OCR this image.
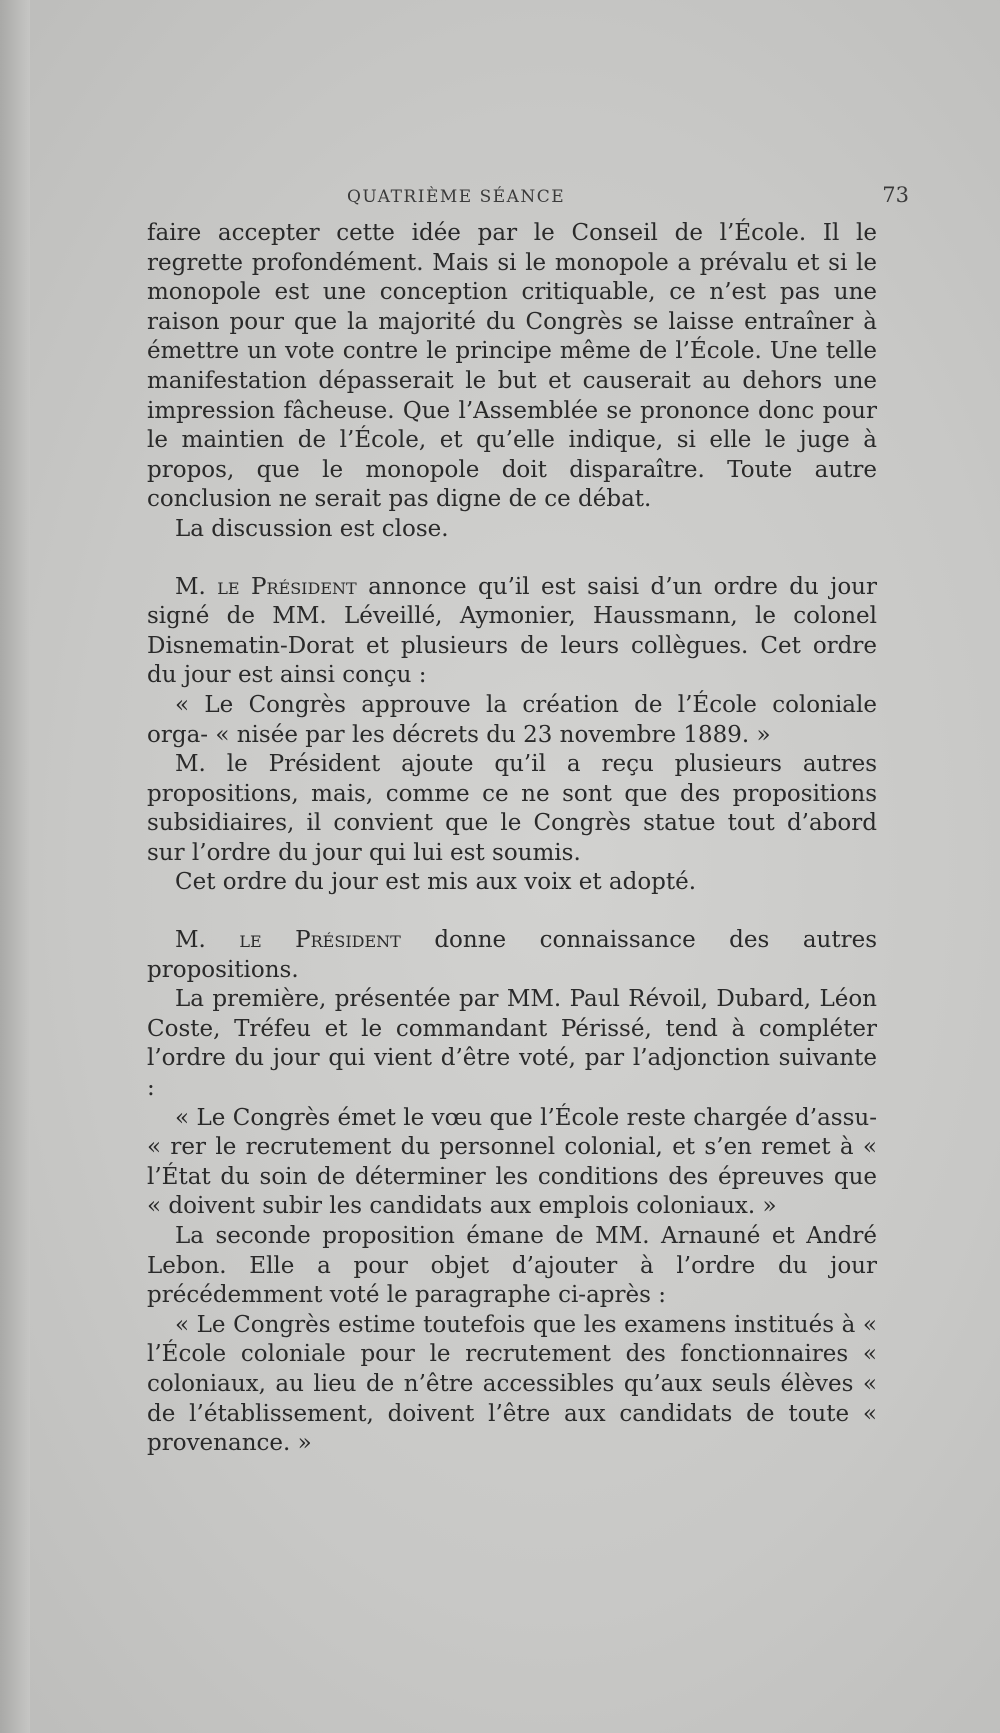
QUATRIÈME SÉANCE	73

faire accepter cette idée par le Conseil de l’École. Il le regrette profondément. Mais si le monopole a prévalu et si le monopole est une conception critiquable, ce n’est pas une raison pour que la majorité du Congrès se laisse entraîner à émettre un vote contre le principe même de l’École. Une telle manifestation dépasserait le but et causerait au dehors une impression fâcheuse. Que l’Assemblée se prononce donc pour le maintien de l’École, et qu’elle indique, si elle le juge à propos, que le monopole doit disparaître. Toute autre conclusion ne serait pas digne de ce débat.

La discussion est close.

M. le Président annonce qu’il est saisi d’un ordre du jour signé de MM. Léveillé, Aymonier, Haussmann, le colonel Disnematin-Dorat et plusieurs de leurs collègues. Cet ordre du jour est ainsi conçu :

« Le Congrès approuve la création de l’École coloniale orga- « nisée par les décrets du 23 novembre 1889. »

M. le Président ajoute qu’il a reçu plusieurs autres propositions, mais, comme ce ne sont que des propositions subsidiaires, il convient que le Congrès statue tout d’abord sur l’ordre du jour qui lui est soumis.

Cet ordre du jour est mis aux voix et adopté.

M. le Président donne connaissance des autres propositions.

La première, présentée par MM. Paul Révoil, Dubard, Léon Coste, Tréfeu et le commandant Périssé, tend à compléter l’ordre du jour qui vient d’être voté, par l’adjonction suivante :

« Le Congrès émet le vœu que l’École reste chargée d’assu- « rer le recrutement du personnel colonial, et s’en remet à « l’État du soin de déterminer les conditions des épreuves que « doivent subir les candidats aux emplois coloniaux. »

La seconde proposition émane de MM. Arnauné et André Lebon. Elle a pour objet d’ajouter à l’ordre du jour précédemment voté le paragraphe ci-après :

« Le Congrès estime toutefois que les examens institués à « l’École coloniale pour le recrutement des fonctionnaires « coloniaux, au lieu de n’être accessibles qu’aux seuls élèves « de l’établissement, doivent l’être aux candidats de toute « provenance. »
